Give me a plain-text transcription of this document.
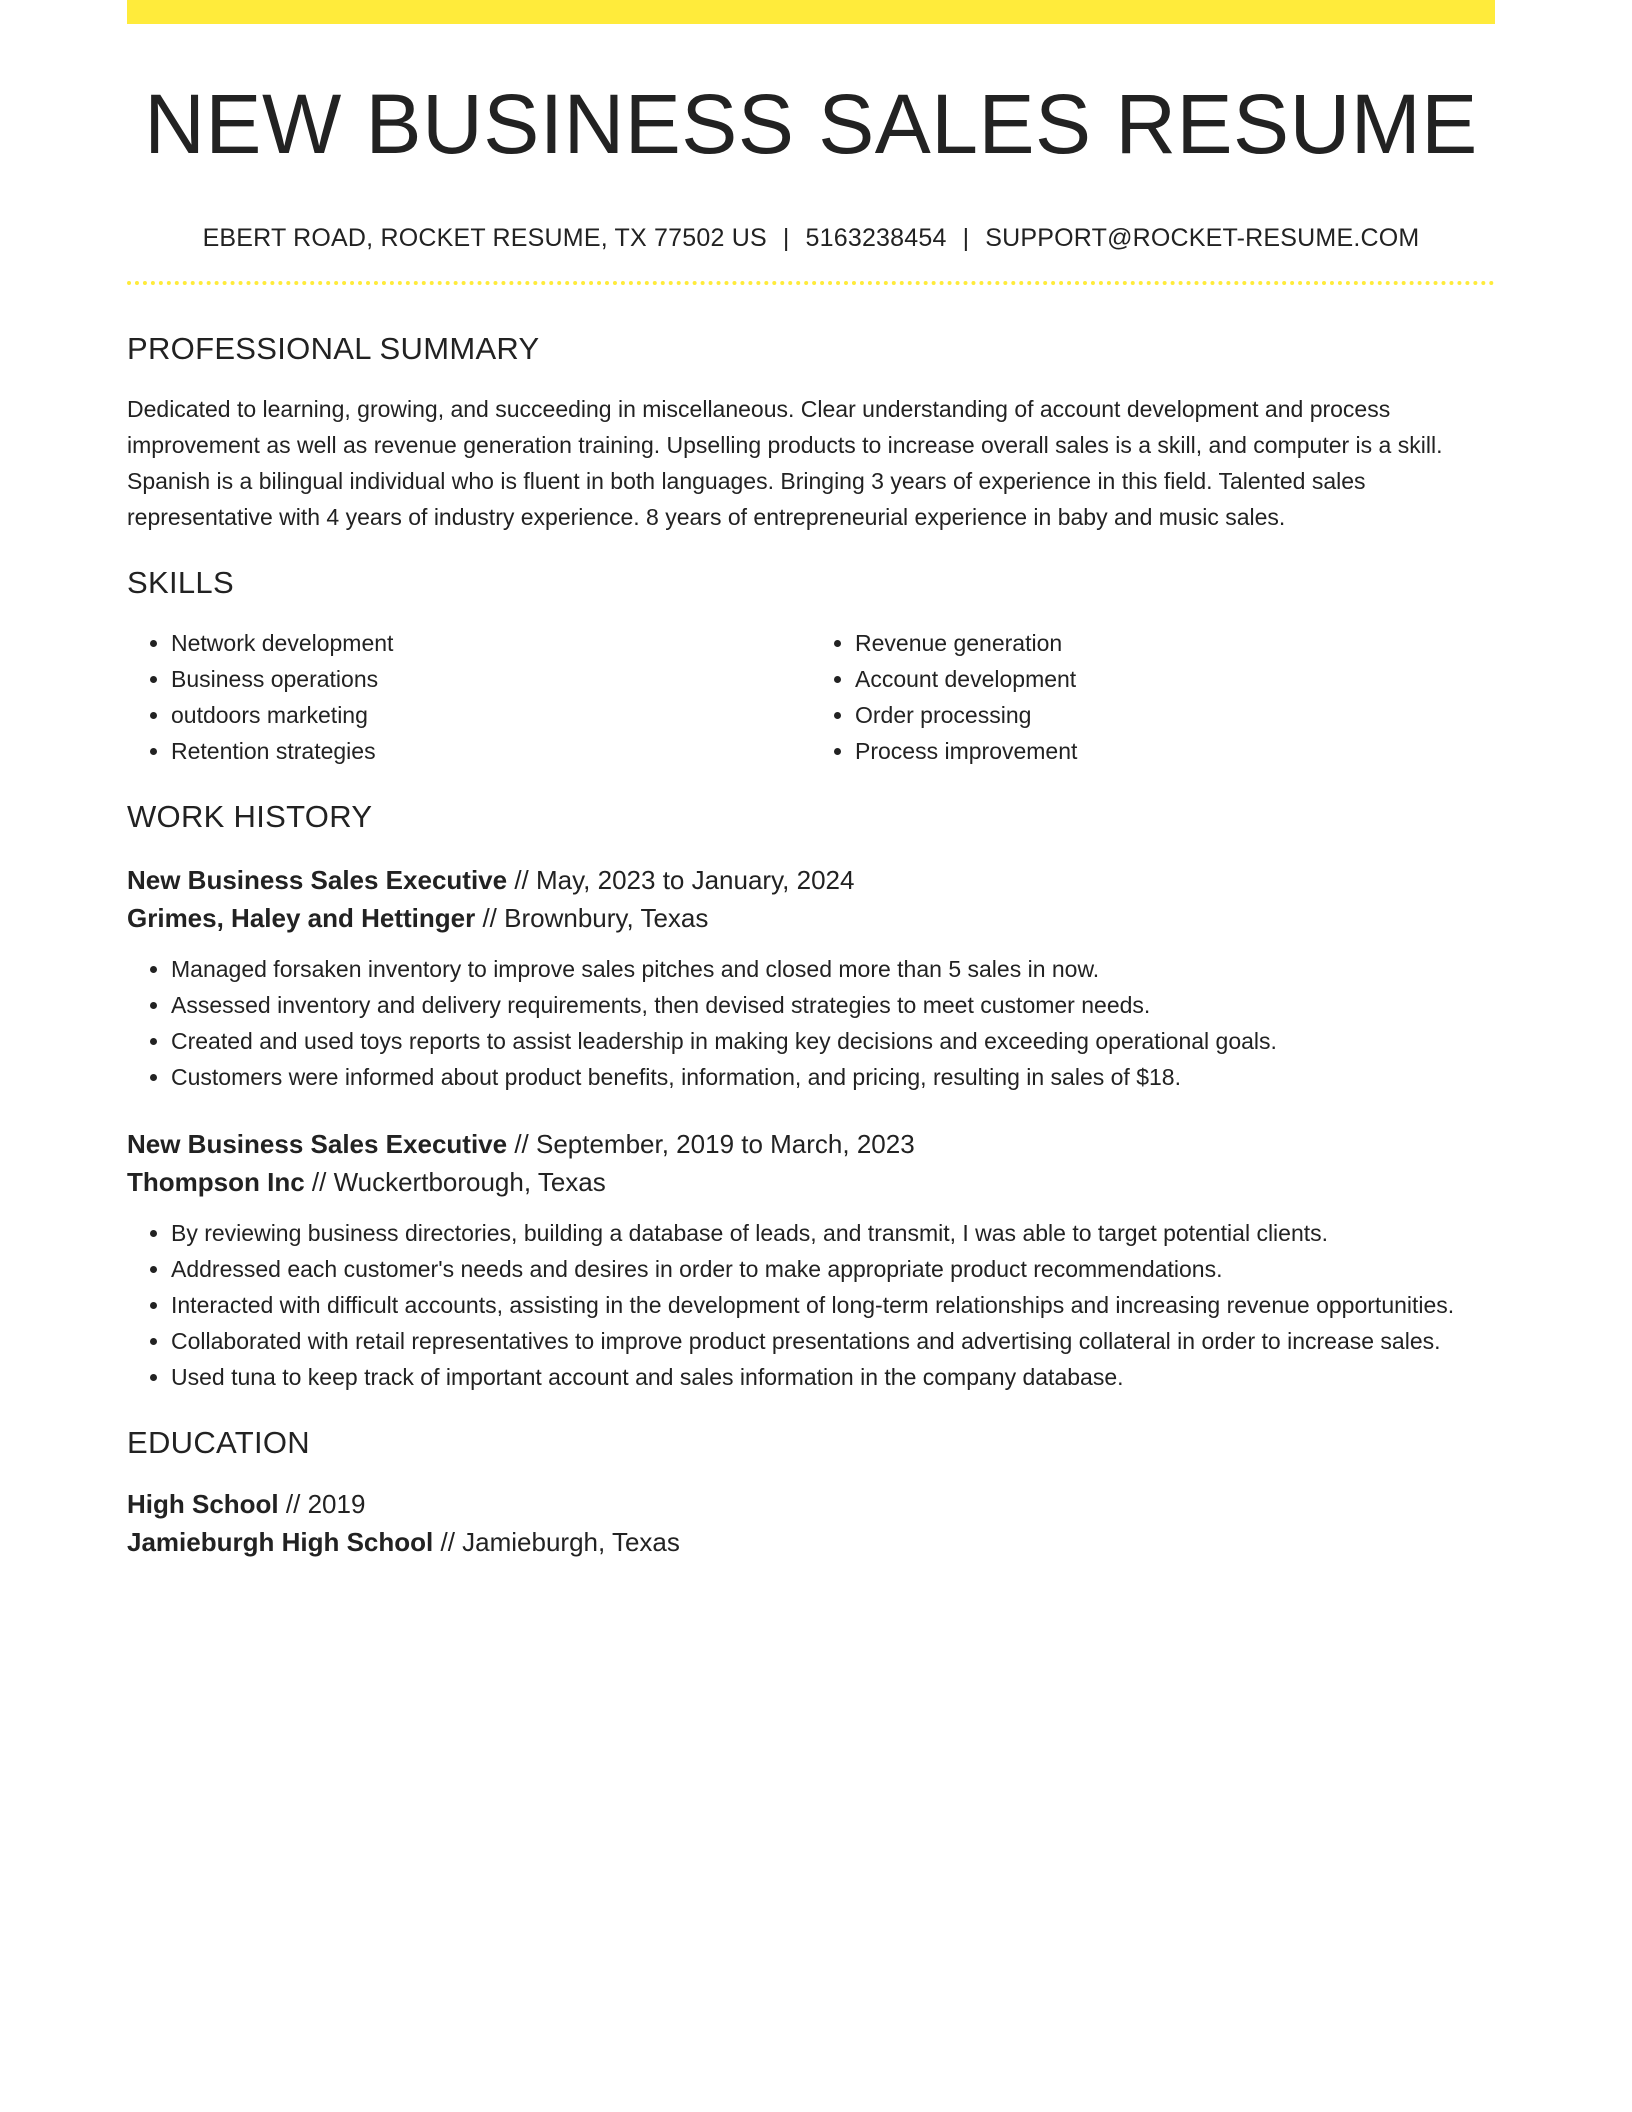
NEW BUSINESS SALES RESUME
EBERT ROAD, ROCKET RESUME, TX 77502 US | 5163238454 | SUPPORT@ROCKET-RESUME.COM
PROFESSIONAL SUMMARY
Dedicated to learning, growing, and succeeding in miscellaneous. Clear understanding of account development and process improvement as well as revenue generation training. Upselling products to increase overall sales is a skill, and computer is a skill. Spanish is a bilingual individual who is fluent in both languages. Bringing 3 years of experience in this field. Talented sales representative with 4 years of industry experience. 8 years of entrepreneurial experience in baby and music sales.
SKILLS
• Network development
• Business operations
• outdoors marketing
• Retention strategies
• Revenue generation
• Account development
• Order processing
• Process improvement
WORK HISTORY
New Business Sales Executive // May, 2023 to January, 2024
Grimes, Haley and Hettinger // Brownbury, Texas
• Managed forsaken inventory to improve sales pitches and closed more than 5 sales in now.
• Assessed inventory and delivery requirements, then devised strategies to meet customer needs.
• Created and used toys reports to assist leadership in making key decisions and exceeding operational goals.
• Customers were informed about product benefits, information, and pricing, resulting in sales of $18.
New Business Sales Executive // September, 2019 to March, 2023
Thompson Inc // Wuckertborough, Texas
• By reviewing business directories, building a database of leads, and transmit, I was able to target potential clients.
• Addressed each customer's needs and desires in order to make appropriate product recommendations.
• Interacted with difficult accounts, assisting in the development of long-term relationships and increasing revenue opportunities.
• Collaborated with retail representatives to improve product presentations and advertising collateral in order to increase sales.
• Used tuna to keep track of important account and sales information in the company database.
EDUCATION
High School // 2019
Jamieburgh High School // Jamieburgh, Texas
